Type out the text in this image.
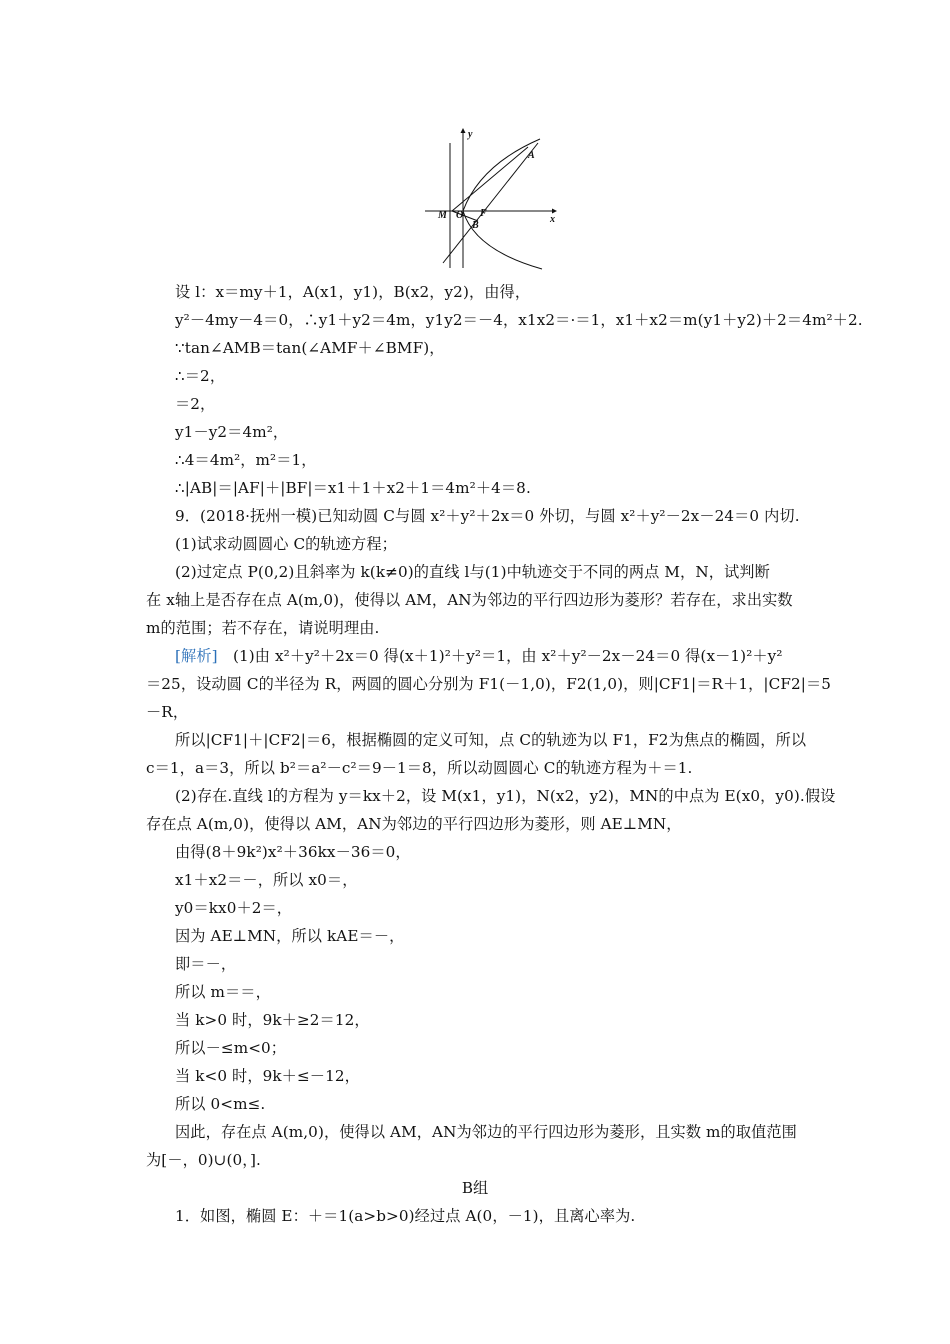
y
x
A
M O F
B
设 l：x＝my＋1，A(x1，y1)，B(x2，y2)，由得，
y²－4my－4＝0，∴y1＋y2＝4m，y1y2＝－4，x1x2＝·＝1，x1＋x2＝m(y1＋y2)＋2＝4m²＋2.
∵tan∠AMB＝tan(∠AMF＋∠BMF)，
∴＝2，
＝2，
y1－y2＝4m²，
∴4＝4m²，m²＝1，
∴|AB|＝|AF|＋|BF|＝x1＋1＋x2＋1＝4m²＋4＝8.
9．(2018·抚州一模)已知动圆 C与圆 x²＋y²＋2x＝0 外切，与圆 x²＋y²－2x－24＝0 内切.
(1)试求动圆圆心 C的轨迹方程；
(2)过定点 P(0,2)且斜率为 k(k≠0)的直线 l与(1)中轨迹交于不同的两点 M，N，试判断
在 x轴上是否存在点 A(m,0)，使得以 AM，AN为邻边的平行四边形为菱形？若存在，求出实数
m的范围；若不存在，请说明理由.
[解析]　 (1)由 x²＋y²＋2x＝0 得(x＋1)²＋y²＝1，由 x²＋y²－2x－24＝0 得(x－1)²＋y²
＝25，设动圆 C的半径为 R，两圆的圆心分别为 F1(－1,0)，F2(1,0)，则|CF1|＝R＋1，|CF2|＝5
－R，
所以|CF1|＋|CF2|＝6，根据椭圆的定义可知，点 C的轨迹为以 F1，F2为焦点的椭圆，所以
c＝1，a＝3，所以 b²＝a²－c²＝9－1＝8，所以动圆圆心 C的轨迹方程为＋＝1.
(2)存在.直线 l的方程为 y＝kx＋2，设 M(x1，y1)，N(x2，y2)，MN的中点为 E(x0，y0).假设
存在点 A(m,0)，使得以 AM，AN为邻边的平行四边形为菱形，则 AE⊥MN，
由得(8＋9k²)x²＋36kx－36＝0，
x1＋x2＝－，所以 x0＝，
y0＝kx0＋2＝，
因为 AE⊥MN，所以 kAE＝－，
即＝－，
所以 m＝＝，
当 k>0 时，9k＋≥2＝12，
所以－≤m<0；
当 k<0 时，9k＋≤－12，
所以 0<m≤.
因此，存在点 A(m,0)，使得以 AM，AN为邻边的平行四边形为菱形，且实数 m的取值范围
为[－，0)∪(0，].
B组
1．如图，椭圆 E：＋＝1(a>b>0)经过点 A(0，－1)，且离心率为.
